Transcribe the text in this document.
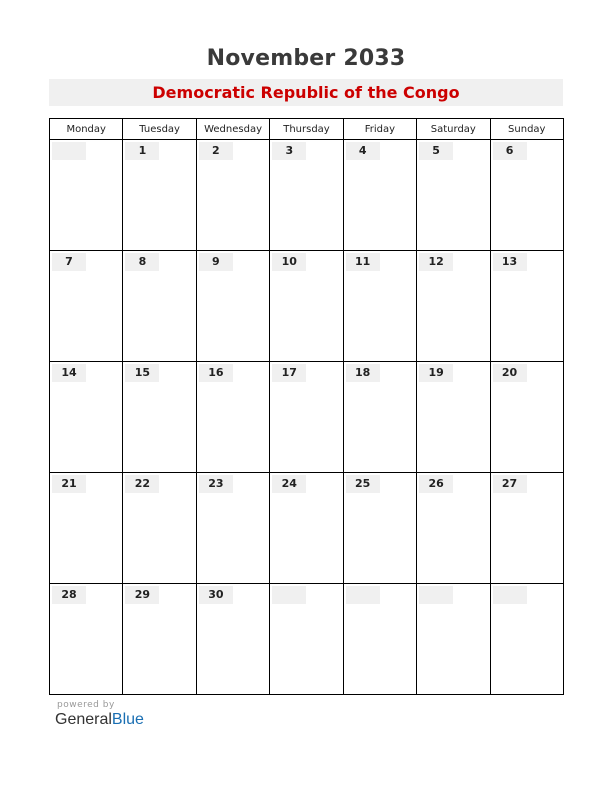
November 2033
Democratic Republic of the Congo
Monday	Tuesday	Wednesday	Thursday	Friday	Saturday	Sunday

	1	2	3	4	5	6

7	8	9	10	11	12	13

14	15	16	17	18	19	20

21	22	23	24	25	26	27

28	29	30				

powered by
GeneralBlue
